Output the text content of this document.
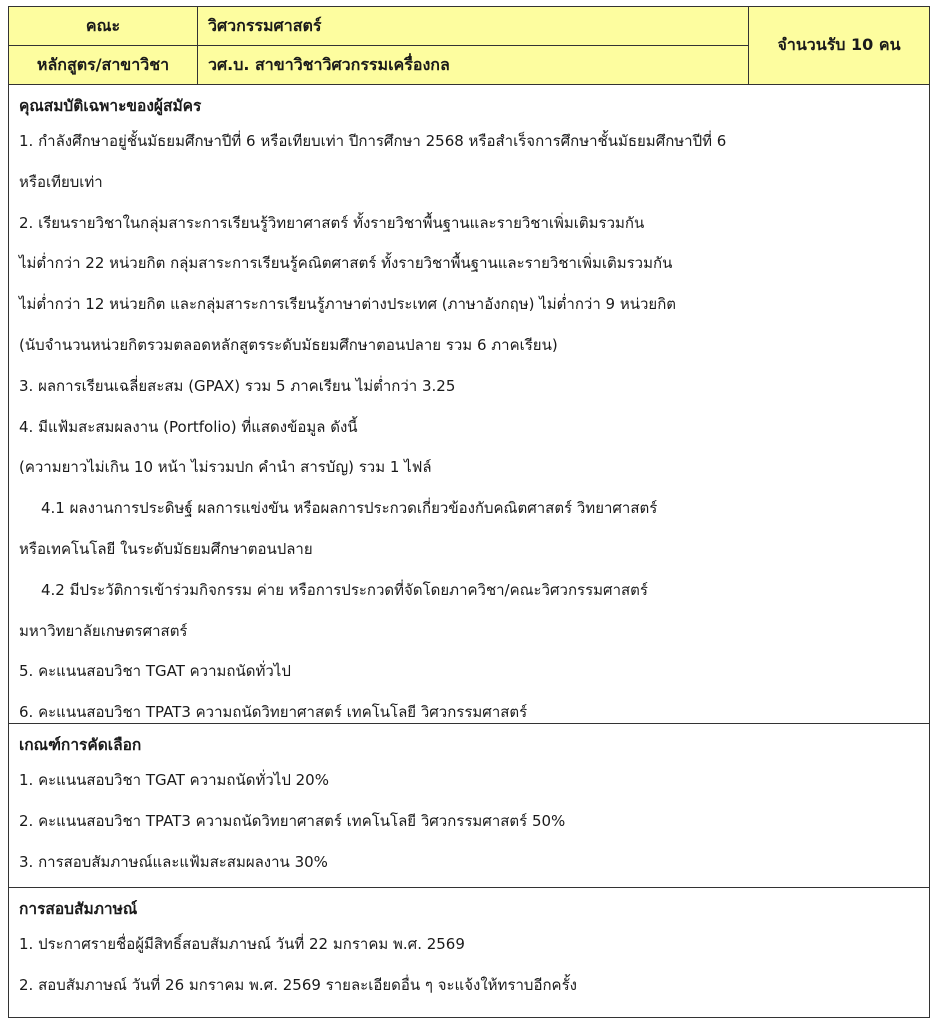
คณะ	วิศวกรรมศาสตร์	จำนวนรับ 10 คน
หลักสูตร/สาขาวิชา	วศ.บ. สาขาวิชาวิศวกรรมเครื่องกล	
คุณสมบัติเฉพาะของผู้สมัคร
1. กำลังศึกษาอยู่ชั้นมัธยมศึกษาปีที่ 6 หรือเทียบเท่า ปีการศึกษา 2568 หรือสำเร็จการศึกษาชั้นมัธยมศึกษาปีที่ 6
หรือเทียบเท่า
2. เรียนรายวิชาในกลุ่มสาระการเรียนรู้วิทยาศาสตร์ ทั้งรายวิชาพื้นฐานและรายวิชาเพิ่มเติมรวมกัน
ไม่ต่ำกว่า 22 หน่วยกิต กลุ่มสาระการเรียนรู้คณิตศาสตร์ ทั้งรายวิชาพื้นฐานและรายวิชาเพิ่มเติมรวมกัน
ไม่ต่ำกว่า 12 หน่วยกิต และกลุ่มสาระการเรียนรู้ภาษาต่างประเทศ (ภาษาอังกฤษ) ไม่ต่ำกว่า 9 หน่วยกิต
(นับจำนวนหน่วยกิตรวมตลอดหลักสูตรระดับมัธยมศึกษาตอนปลาย รวม 6 ภาคเรียน)
3. ผลการเรียนเฉลี่ยสะสม (GPAX) รวม 5 ภาคเรียน ไม่ต่ำกว่า 3.25
4. มีแฟ้มสะสมผลงาน (Portfolio) ที่แสดงข้อมูล ดังนี้
(ความยาวไม่เกิน 10 หน้า ไม่รวมปก คำนำ สารบัญ) รวม 1 ไฟล์
4.1 ผลงานการประดิษฐ์ ผลการแข่งขัน หรือผลการประกวดเกี่ยวข้องกับคณิตศาสตร์ วิทยาศาสตร์
หรือเทคโนโลยี ในระดับมัธยมศึกษาตอนปลาย
4.2 มีประวัติการเข้าร่วมกิจกรรม ค่าย หรือการประกวดที่จัดโดยภาควิชา/คณะวิศวกรรมศาสตร์
มหาวิทยาลัยเกษตรศาสตร์
5. คะแนนสอบวิชา TGAT ความถนัดทั่วไป
6. คะแนนสอบวิชา TPAT3 ความถนัดวิทยาศาสตร์ เทคโนโลยี วิศวกรรมศาสตร์
เกณฑ์การคัดเลือก
1. คะแนนสอบวิชา TGAT ความถนัดทั่วไป 20%
2. คะแนนสอบวิชา TPAT3 ความถนัดวิทยาศาสตร์ เทคโนโลยี วิศวกรรมศาสตร์ 50%
3. การสอบสัมภาษณ์และแฟ้มสะสมผลงาน 30%
การสอบสัมภาษณ์
1. ประกาศรายชื่อผู้มีสิทธิ์สอบสัมภาษณ์ วันที่ 22 มกราคม พ.ศ. 2569
2. สอบสัมภาษณ์ วันที่ 26 มกราคม พ.ศ. 2569 รายละเอียดอื่น ๆ จะแจ้งให้ทราบอีกครั้ง
